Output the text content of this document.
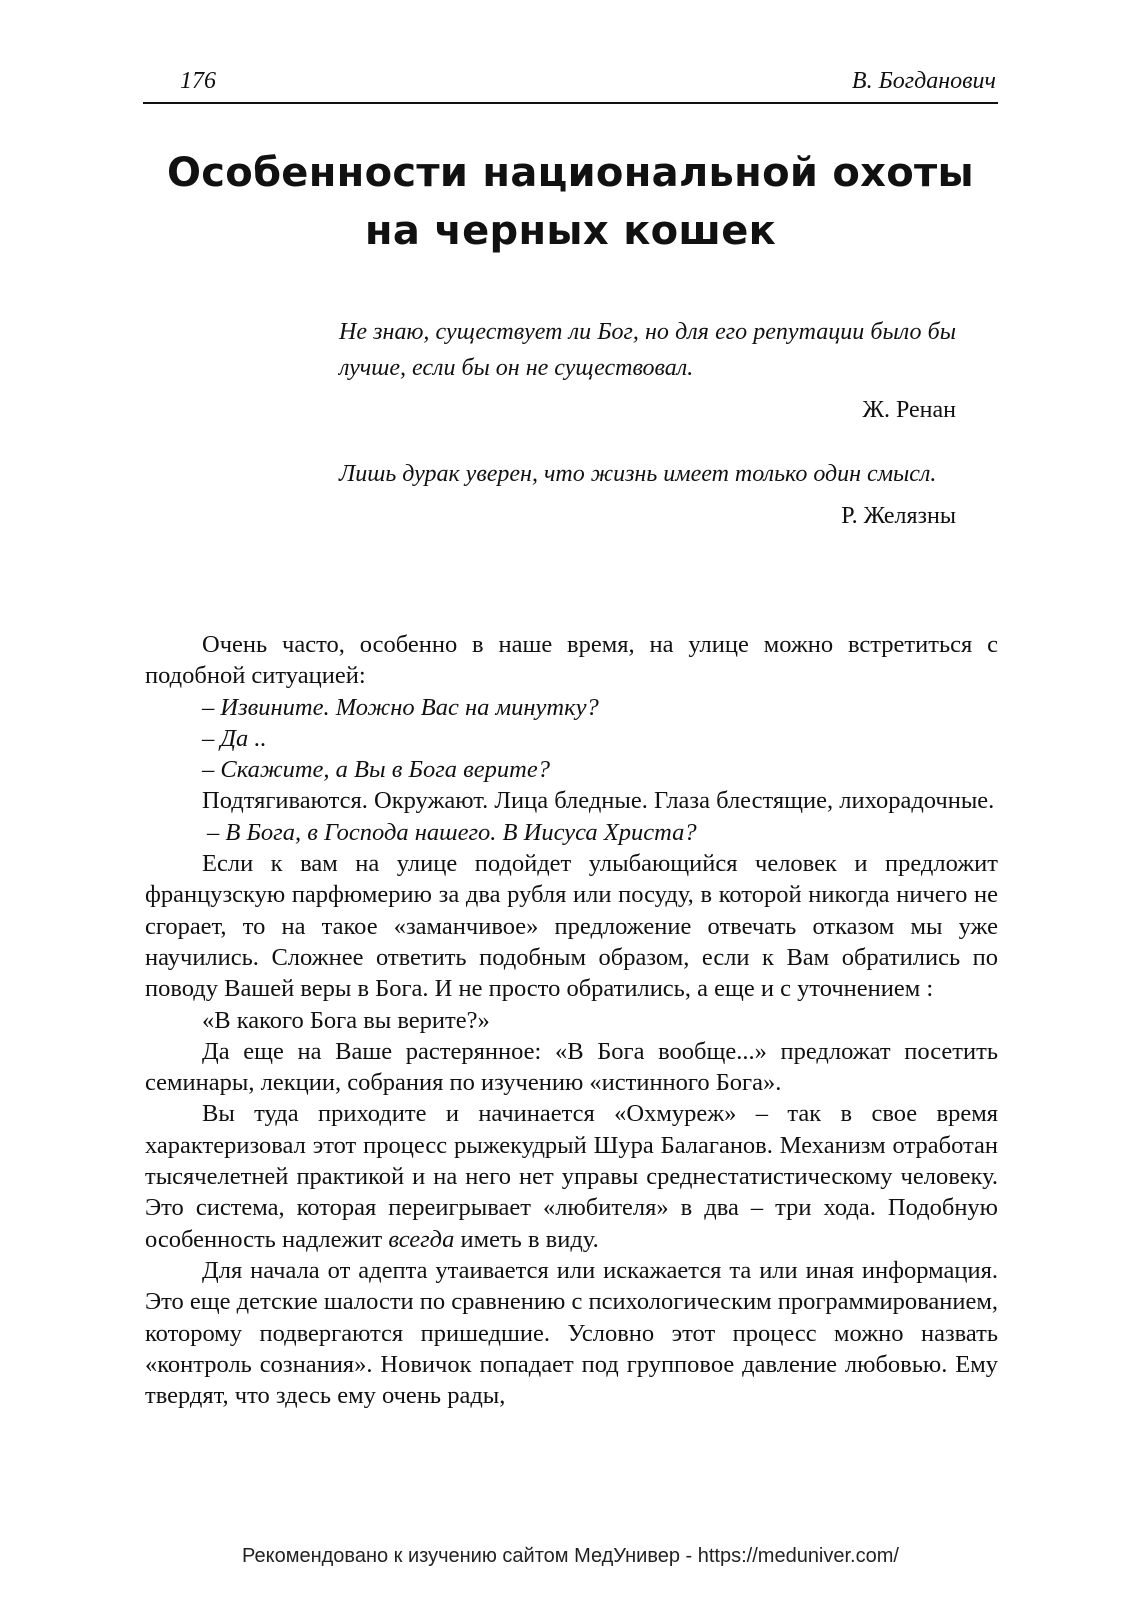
176	В. Богданович
Особенности национальной охоты
на черных кошек
Не знаю, существует ли Бог, но для его репутации было бы лучше, если бы он не существовал.
Ж. Ренан
Лишь дурак уверен, что жизнь имеет только один смысл.
Р. Желязны

Очень часто, особенно в наше время, на улице можно встретиться с подобной ситуацией:

– Извините. Можно Вас на минутку?

– Да ..

– Скажите, а Вы в Бога верите?

Подтягиваются. Окружают. Лица бледные. Глаза блестящие, лихорадочные.

– В Бога, в Господа нашего. В Иисуса Христа?

Если к вам на улице подойдет улыбающийся человек и предложит французскую парфюмерию за два рубля или посуду, в которой никогда ничего не сгорает, то на такое «заманчивое» предложение отвечать отказом мы уже научились. Сложнее ответить подобным образом, если к Вам обратились по поводу Вашей веры в Бога. И не просто обратились, а еще и с уточнением :

«В какого Бога вы верите?»

Да еще на Ваше растерянное: «В Бога вообще...» предложат посетить семинары, лекции, собрания по изучению «истинного Бога».

Вы туда приходите и начинается «Охмуреж» – так в свое время характеризовал этот процесс рыжекудрый Шура Балаганов. Механизм отработан тысячелетней практикой и на него нет управы среднестатистическому человеку. Это система, которая переигрывает «любителя» в два – три хода. Подобную особенность надлежит всегда иметь в виду.

Для начала от адепта утаивается или искажается та или иная информация. Это еще детские шалости по сравнению с психологическим программированием, которому подвергаются пришедшие. Условно этот процесс можно назвать «контроль сознания». Новичок попадает под групповое давление любовью. Ему твердят, что здесь ему очень рады,

Рекомендовано к изучению сайтом МедУнивер - https://meduniver.com/
